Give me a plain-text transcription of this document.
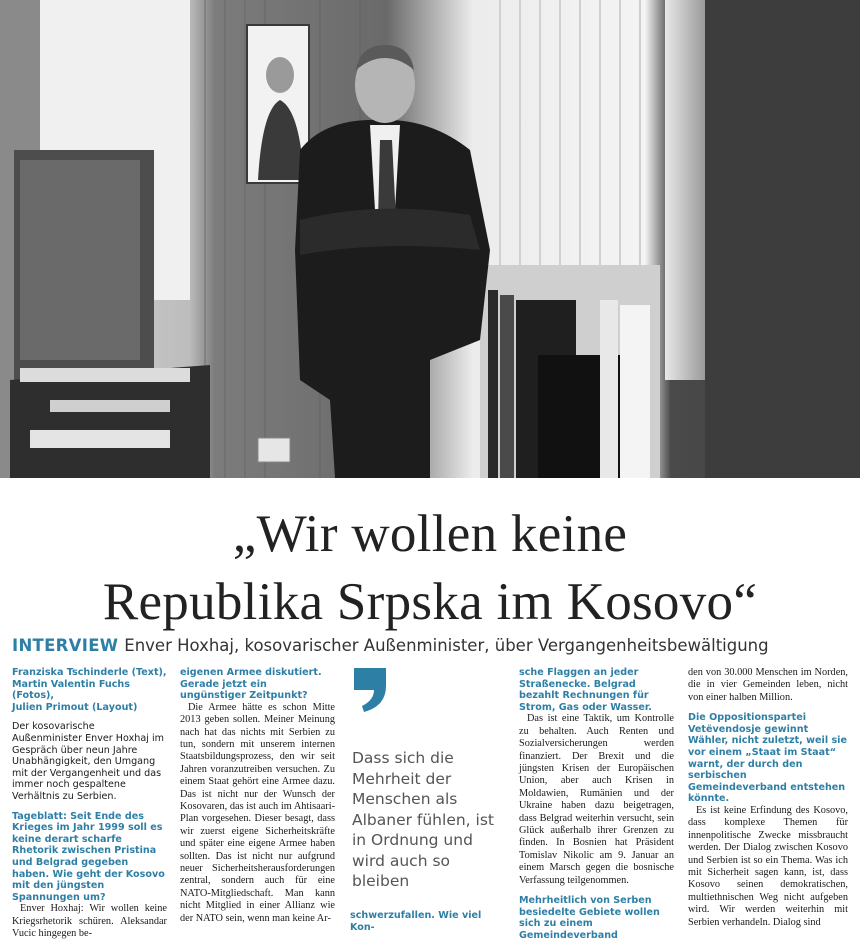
„Wir wollen keine
Republika Srpska im Kosovo“
INTERVIEW Enver Hoxhaj, kosovarischer Außenminister, über Vergangenheitsbewältigung
Franziska Tschinderle (Text),
Martin Valentin Fuchs (Fotos),
Julien Primout (Layout)
Der kosovarische Außenminister Enver Hoxhaj im Gespräch über neun Jahre Unabhängigkeit, den Umgang mit der Vergangenheit und das immer noch gespaltene Verhältnis zu Serbien.
Tageblatt: Seit Ende des Krieges im Jahr 1999 soll es keine derart scharfe Rhetorik zwischen Pristina und Belgrad gegeben haben. Wie geht der Kosovo mit den jüngsten Spannungen um?
Enver Hoxhaj: Wir wollen keine Kriegsrhetorik schüren. Aleksandar Vucic hingegen be-
eigenen Armee diskutiert. Gerade jetzt ein ungünstiger Zeitpunkt?
Die Armee hätte es schon Mitte 2013 geben sollen. Meiner Meinung nach hat das nichts mit Serbien zu tun, sondern mit unserem internen Staatsbildungsprozess, den wir seit Jahren voranzutreiben versuchen. Zu einem Staat gehört eine Armee dazu. Das ist nicht nur der Wunsch der Kosovaren, das ist auch im Ahtisaari-Plan vorgesehen. Dieser besagt, dass wir zuerst eigene Sicherheitskräfte und später eine eigene Armee haben sollten. Das ist nicht nur aufgrund neuer Sicherheitsherausforderungen zentral, sondern auch für eine NATO-Mitgliedschaft. Man kann nicht Mitglied in einer Allianz wie der NATO sein, wenn man keine Ar-
Dass sich die Mehrheit der Menschen als Albaner fühlen, ist in Ordnung und wird auch so bleiben
schwerzufallen. Wie viel Kon-
sche Flaggen an jeder Straßenecke. Belgrad bezahlt Rechnungen für Strom, Gas oder Wasser.
Das ist eine Taktik, um Kontrolle zu behalten. Auch Renten und Sozialversicherungen werden finanziert. Der Brexit und die jüngsten Krisen der Europäischen Union, aber auch Krisen in Moldawien, Rumänien und der Ukraine haben dazu beigetragen, dass Belgrad weiterhin versucht, sein Glück außerhalb ihrer Grenzen zu finden. In Bosnien hat Präsident Tomislav Nikolic am 9. Januar an einem Marsch gegen die bosnische Verfassung teilgenommen.
Mehrheitlich von Serben besiedelte Gebiete wollen sich zu einem Gemeindeverband
den von 30.000 Menschen im Norden, die in vier Gemeinden leben, nicht von einer halben Million.
Die Oppositionspartei Vetëvendosje gewinnt Wähler, nicht zuletzt, weil sie vor einem „Staat im Staat“ warnt, der durch den serbischen Gemeindeverband entstehen könnte.
Es ist keine Erfindung des Kosovo, dass komplexe Themen für innenpolitische Zwecke missbraucht werden. Der Dialog zwischen Kosovo und Serbien ist so ein Thema. Was ich mit Sicherheit sagen kann, ist, dass Kosovo seinen demokratischen, multiethnischen Weg nicht aufgeben wird. Wir werden weiterhin mit Serbien verhandeln. Dialog sind
